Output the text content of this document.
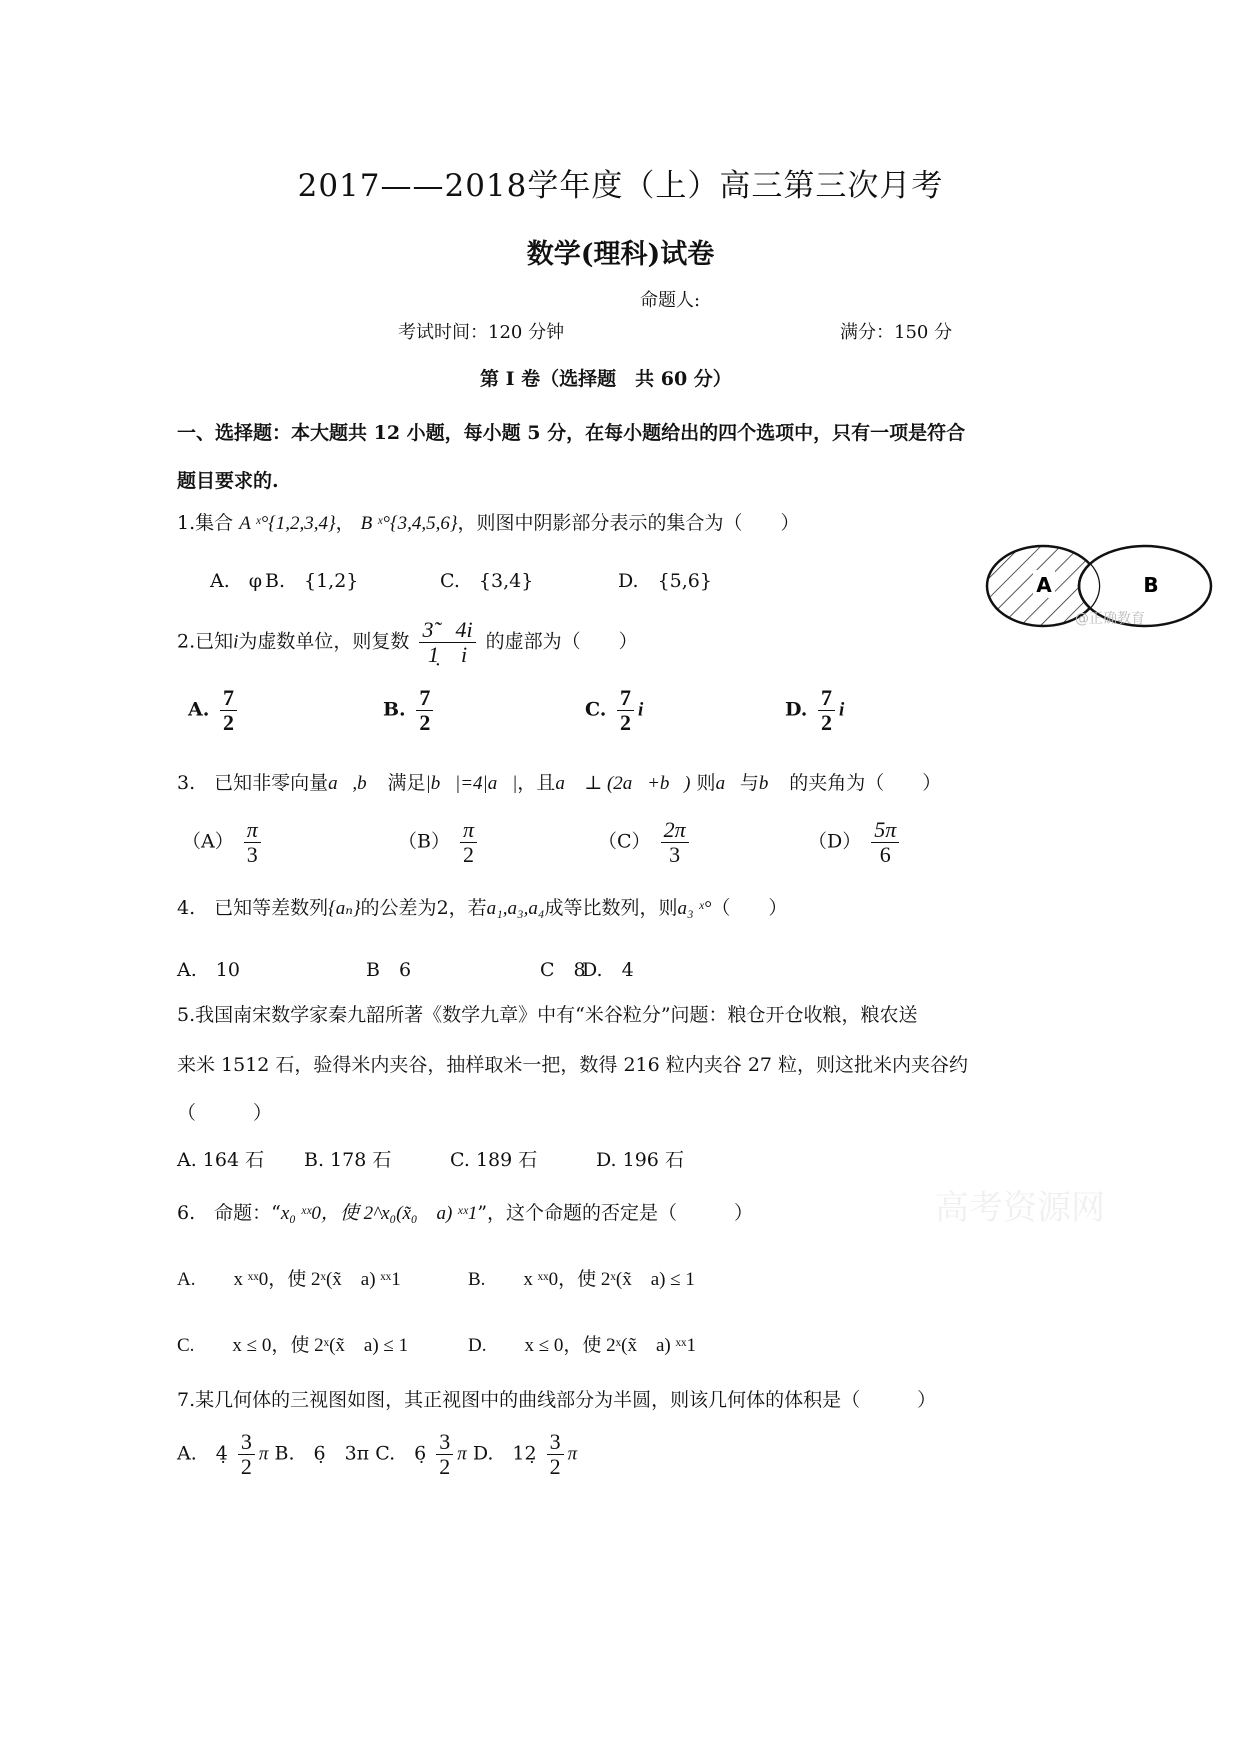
2017——2018学年度（上）高三第三次月考
数学(理科)试卷
命题人:
考试时间：120 分钟	满分：150 分
第 I 卷（选择题　共 60 分）
一、选择题：本大题共 12 小题，每小题 5 分，在每小题给出的四个选项中，只有一项是符合
题目要求的.
1.集合 A ˣ°{1,2,3,4}， B ˣ°{3,4,5,6}，则图中阴影部分表示的集合为（　　）
A.　φ B.　{1,2}	C.　{3,4}	D.　{5,6}	A	B
@正确教育
2.已知i为虚数单位，则复数 $\frac{3̃ 4i}{1̣ i}$ 的虚部为（　　）
A. $\frac{7}{2}$	B. $\frac{7}{2}$	C. $\frac{7}{2}$ i	D. $\frac{7}{2}$ i
3.　已知非零向量a⃗,b⃗ 满足|b⃗|=4|a⃗|，且a⃗ ⊥ (2a⃗+b⃗) 则a⃗与b⃗ 的夹角为（　　）
$(A) \frac{\pi}{3}$	$(B) \frac{\pi}{2}$	$(C) \frac{2\pi}{3}$	$(D) \frac{5\pi}{6}$
4.　已知等差数列{aₙ}的公差为2，若a₁,a₃,a₄成等比数列，则a₃ ˣ°（　　）
A.　10	B　6	C　8
D.　4
5.我国南宋数学家秦九韶所著《数学九章》中有“米谷粒分”问题：粮仓开仓收粮，粮农送
来米 1512 石，验得米内夹谷，抽样取米一把，数得 216 粒内夹谷 27 粒，则这批米内夹谷约
（　　　）
A. 164 石 B. 178 石	C. 189 石	D. 196 石
高考资源网
6.　命题：“x₀ ˣˣ0，使 2^x₀(x̃₀　a) ˣˣ1”，这个命题的否定是（　　　）
A.　　x ˣˣ0，使 2ˣ(x̃　a) ˣˣ1	B.　　x ˣˣ0，使 2ˣ(x̃　a) ≤ 1
C.　　x ≤ 0，使 2ˣ(x̃　a) ≤ 1	D.　　x ≤ 0，使 2ˣ(x̃　a) ˣˣ1
7.某几何体的三视图如图，其正视图中的曲线部分为半圆，则该几何体的体积是（　　　）
A.　4̣ $\frac{3}{2}$ π B.　6̣　3π C.　6̣ $\frac{3}{2}$ π D.　12̣ $\frac{3}{2}$ π
